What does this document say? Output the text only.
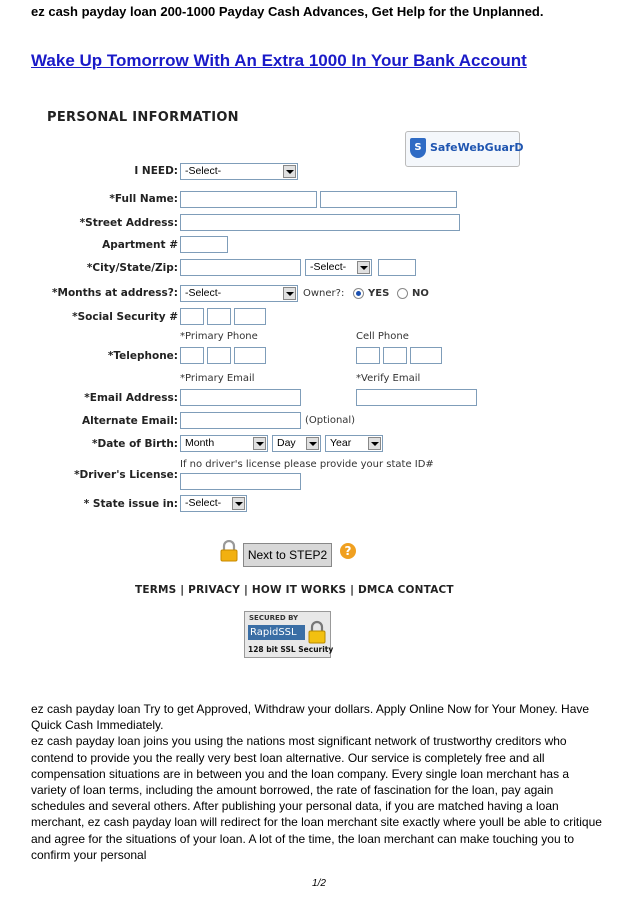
ez cash payday loan 200-1000 Payday Cash Advances, Get Help for the Unplanned.
Wake Up Tomorrow With An Extra 1000 In Your Bank Account
PERSONAL INFORMATION
S SafeWebGuarD
I NEED: -Select-
*Full Name:
*Street Address:
Apartment #
*City/State/Zip:	-Select-
*Months at address?: -Select-	Owner?: YES NO
*Social Security #
*Primary Phone	Cell Phone
*Telephone:
*Primary Email	*Verify Email
*Email Address:
Alternate Email:	(Optional)
*Date of Birth: Month	Day	Year
If no driver's license please provide your state ID#
*Driver's License:
* State issue in: -Select-
Next to STEP2	?
TERMS | PRIVACY | HOW IT WORKS | DMCA CONTACT
SECURED BY
RapidSSL
128 bit SSL Security

ez cash payday loan Try to get Approved, Withdraw your dollars. Apply Online Now for Your Money. Have Quick Cash Immediately.

ez cash payday loan joins you using the nations most significant network of trustworthy creditors who contend to provide you the really very best loan alternative. Our service is completely free and all compensation situations are in between you and the loan company. Every single loan merchant has a variety of loan terms, including the amount borrowed, the rate of fascination for the loan, pay again schedules and several others. After publishing your personal data, if you are matched having a loan merchant, ez cash payday loan will redirect for the loan merchant site exactly where youll be able to critique and agree for the situations of your loan. A lot of the time, the loan merchant can make touching you to confirm your personal

1/2
